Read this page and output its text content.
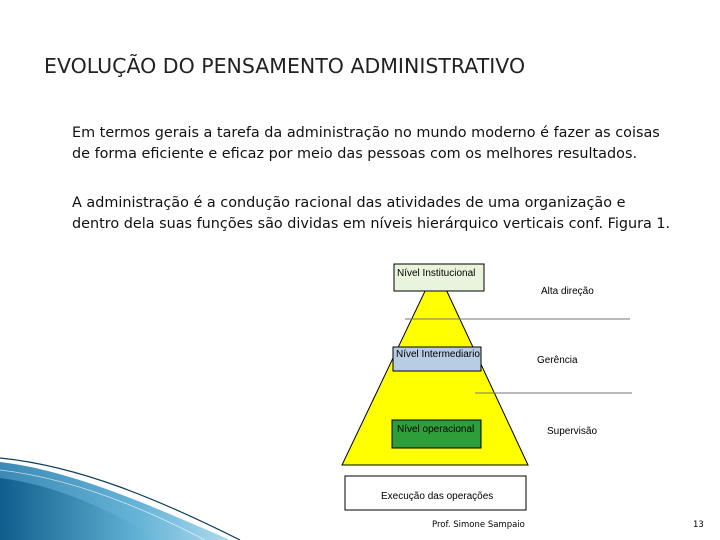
EVOLUÇÃO DO PENSAMENTO ADMINISTRATIVO
Em termos gerais a tarefa da administração no mundo moderno é fazer as coisas
de forma eficiente e eficaz por meio das pessoas com os melhores resultados.
A administração é a condução racional das atividades de uma organização e
dentro dela suas funções são dividas em níveis hierárquico verticais conf. Figura 1.
Nível Institucional
Nível Intermediario
Nível operacional
Alta direção
Gerência
Supervisão
Execução das operações
Prof. Simone Sampaio	13
